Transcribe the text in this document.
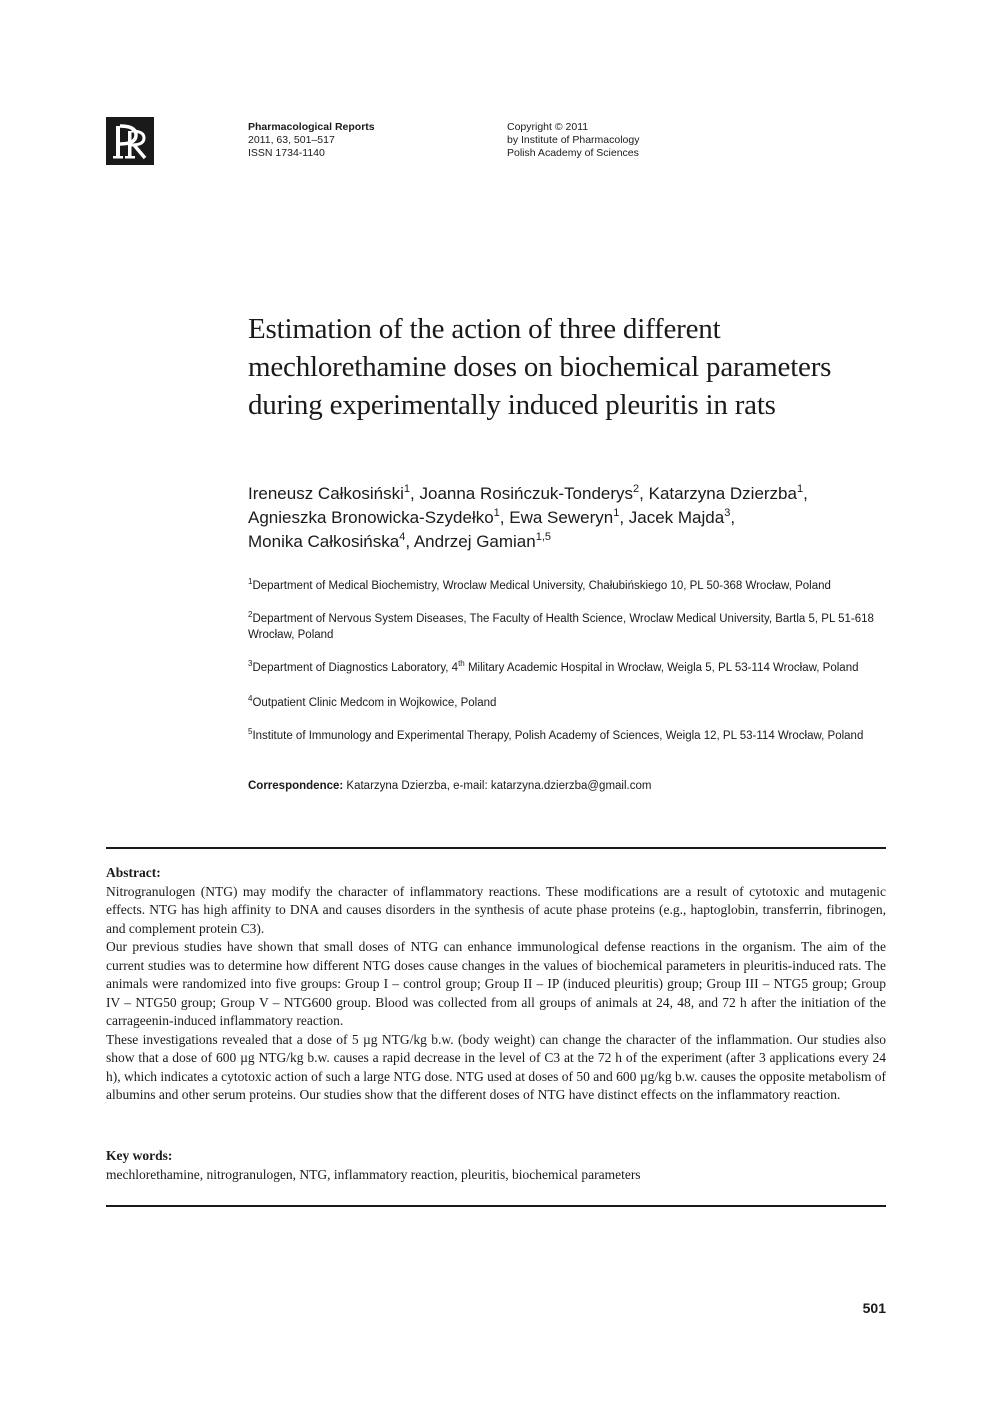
Pharmacological Reports
2011, 63, 501–517
ISSN 1734-1140
Copyright © 2011
by Institute of Pharmacology
Polish Academy of Sciences
Estimation of the action of three different mechlorethamine doses on biochemical parameters during experimentally induced pleuritis in rats
Ireneusz Całkosiński$^1$, Joanna Rosińczuk-Tonderys$^2$, Katarzyna Dzierzba$^1$,
Agnieszka Bronowicka-Szydełko$^1$, Ewa Seweryn$^1$, Jacek Majda$^3$,
Monika Całkosińska$^4$, Andrzej Gamian$^{1,5}$
$^1$Department of Medical Biochemistry, Wroclaw Medical University, Chałubińskiego 10, PL 50-368 Wrocław, Poland
$^2$Department of Nervous System Diseases, The Faculty of Health Science, Wroclaw Medical University, Bartla 5, PL 51-618 Wrocław, Poland
$^3$Department of Diagnostics Laboratory, 4th Military Academic Hospital in Wrocław, Weigla 5, PL 53-114 Wrocław, Poland
$^4$Outpatient Clinic Medcom in Wojkowice, Poland
$^5$Institute of Immunology and Experimental Therapy, Polish Academy of Sciences, Weigla 12, PL 53-114 Wrocław, Poland
Correspondence: Katarzyna Dzierzba, e-mail: katarzyna.dzierzba@gmail.com
Abstract:

Nitrogranulogen (NTG) may modify the character of inflammatory reactions. These modifications are a result of cytotoxic and mutagenic effects. NTG has high affinity to DNA and causes disorders in the synthesis of acute phase proteins (e.g., haptoglobin, transferrin, fibrinogen, and complement protein C3).

Our previous studies have shown that small doses of NTG can enhance immunological defense reactions in the organism. The aim of the current studies was to determine how different NTG doses cause changes in the values of biochemical parameters in pleuritis-induced rats. The animals were randomized into five groups: Group I – control group; Group II – IP (induced pleuritis) group; Group III – NTG5 group; Group IV – NTG50 group; Group V – NTG600 group. Blood was collected from all groups of animals at 24, 48, and 72 h after the initiation of the carrageenin-induced inflammatory reaction.

These investigations revealed that a dose of 5 µg NTG/kg b.w. (body weight) can change the character of the inflammation. Our studies also show that a dose of 600 µg NTG/kg b.w. causes a rapid decrease in the level of C3 at the 72 h of the experiment (after 3 applications every 24 h), which indicates a cytotoxic action of such a large NTG dose. NTG used at doses of 50 and 600 µg/kg b.w. causes the opposite metabolism of albumins and other serum proteins. Our studies show that the different doses of NTG have distinct effects on the inflammatory reaction.

Key words:
mechlorethamine, nitrogranulogen, NTG, inflammatory reaction, pleuritis, biochemical parameters
501
